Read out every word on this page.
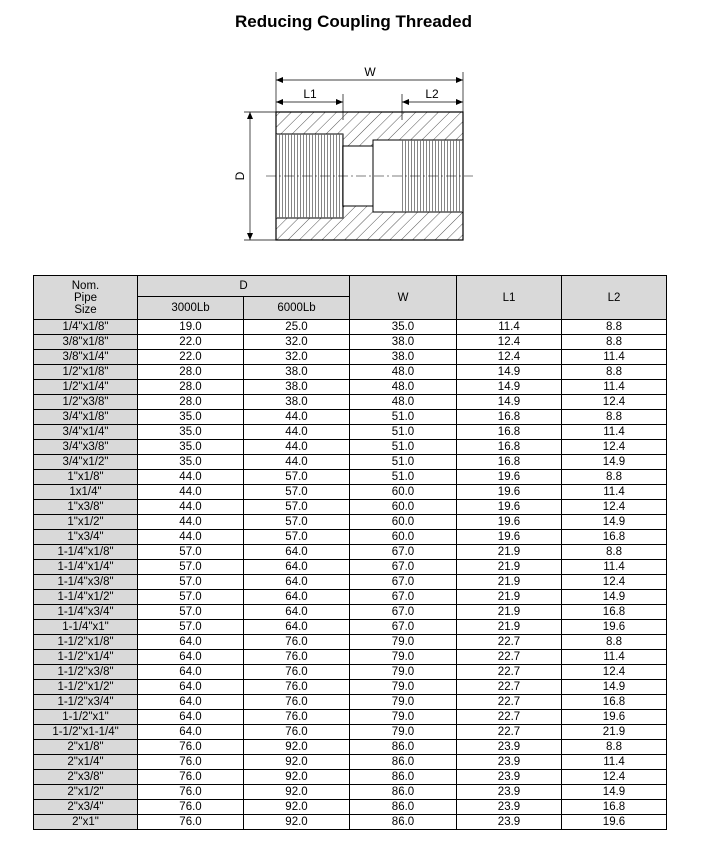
Reducing Coupling Threaded
W
L1	L2
D
Nom.
Pipe
Size	D		W	L1	L2
	3000Lb	6000Lb			
1/4"x1/8"	19.0	25.0	35.0	11.4	8.8
3/8"x1/8"	22.0	32.0	38.0	12.4	8.8
3/8"x1/4"	22.0	32.0	38.0	12.4	11.4
1/2"x1/8"	28.0	38.0	48.0	14.9	8.8
1/2"x1/4"	28.0	38.0	48.0	14.9	11.4
1/2"x3/8"	28.0	38.0	48.0	14.9	12.4
3/4"x1/8"	35.0	44.0	51.0	16.8	8.8
3/4"x1/4"	35.0	44.0	51.0	16.8	11.4
3/4"x3/8"	35.0	44.0	51.0	16.8	12.4
3/4"x1/2"	35.0	44.0	51.0	16.8	14.9
1"x1/8"	44.0	57.0	51.0	19.6	8.8
1x1/4"	44.0	57.0	60.0	19.6	11.4
1"x3/8"	44.0	57.0	60.0	19.6	12.4
1"x1/2"	44.0	57.0	60.0	19.6	14.9
1"x3/4"	44.0	57.0	60.0	19.6	16.8
1-1/4"x1/8"	57.0	64.0	67.0	21.9	8.8
1-1/4"x1/4"	57.0	64.0	67.0	21.9	11.4
1-1/4"x3/8"	57.0	64.0	67.0	21.9	12.4
1-1/4"x1/2"	57.0	64.0	67.0	21.9	14.9
1-1/4"x3/4"	57.0	64.0	67.0	21.9	16.8
1-1/4"x1"	57.0	64.0	67.0	21.9	19.6
1-1/2"x1/8"	64.0	76.0	79.0	22.7	8.8
1-1/2"x1/4"	64.0	76.0	79.0	22.7	11.4
1-1/2"x3/8"	64.0	76.0	79.0	22.7	12.4
1-1/2"x1/2"	64.0	76.0	79.0	22.7	14.9
1-1/2"x3/4"	64.0	76.0	79.0	22.7	16.8
1-1/2"x1"	64.0	76.0	79.0	22.7	19.6
1-1/2"x1-1/4"	64.0	76.0	79.0	22.7	21.9
2"x1/8"	76.0	92.0	86.0	23.9	8.8
2"x1/4"	76.0	92.0	86.0	23.9	11.4
2"x3/8"	76.0	92.0	86.0	23.9	12.4
2"x1/2"	76.0	92.0	86.0	23.9	14.9
2"x3/4"	76.0	92.0	86.0	23.9	16.8
2"x1"	76.0	92.0	86.0	23.9	19.6
